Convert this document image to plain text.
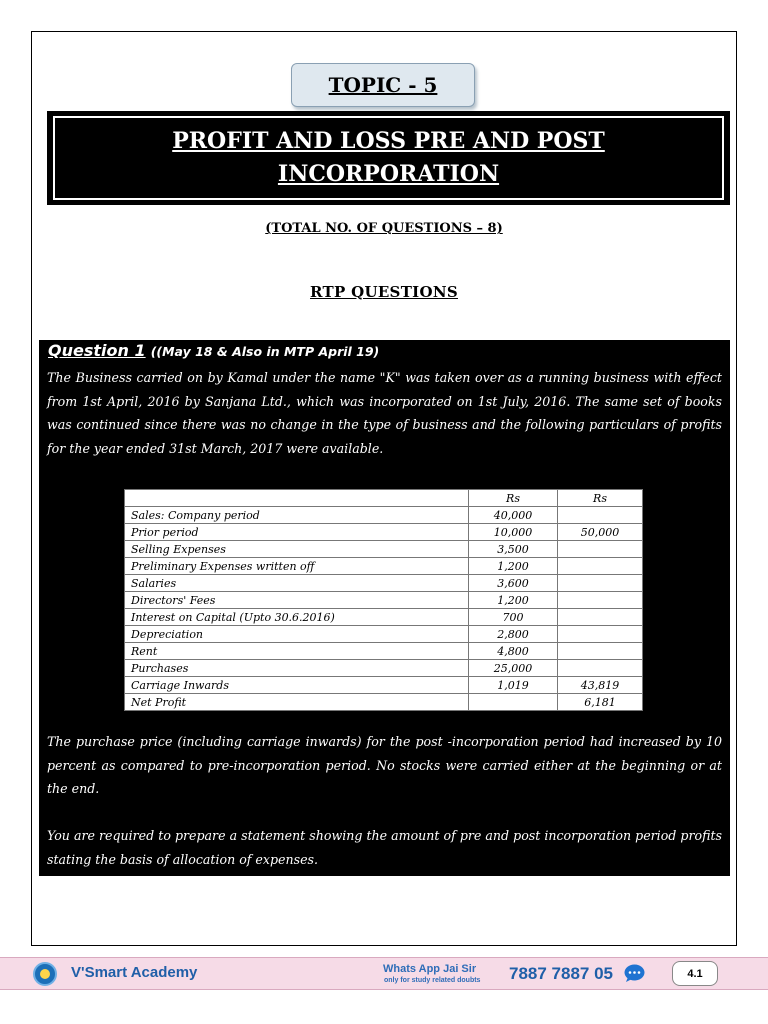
TOPIC - 5
PROFIT AND LOSS PRE AND POST
INCORPORATION
(TOTAL NO. OF QUESTIONS – 8)
RTP QUESTIONS
Question 1 ((May 18 & Also in MTP April 19)
The Business carried on by Kamal under the name "K" was taken over as a running business with effect from 1st April, 2016 by Sanjana Ltd., which was incorporated on 1st July, 2016. The same set of books was continued since there was no change in the type of business and the following particulars of profits for the year ended 31st March, 2017 were available.
	Rs	Rs
Sales: Company period	40,000	
Prior period	10,000	50,000
Selling Expenses	3,500	
Preliminary Expenses written off	1,200	
Salaries	3,600	
Directors' Fees	1,200	
Interest on Capital (Upto 30.6.2016)	700	
Depreciation	2,800	
Rent	4,800	
Purchases	25,000	
Carriage Inwards	1,019	43,819
Net Profit		6,181
The purchase price (including carriage inwards) for the post -incorporation period had increased by 10 percent as compared to pre-incorporation period. No stocks were carried either at the beginning or at the end.
You are required to prepare a statement showing the amount of pre and post incorporation period profits stating the basis of allocation of expenses.
V'Smart Academy	Whats App Jai Sir
only for study related doubts 7887 7887 05	4.1
